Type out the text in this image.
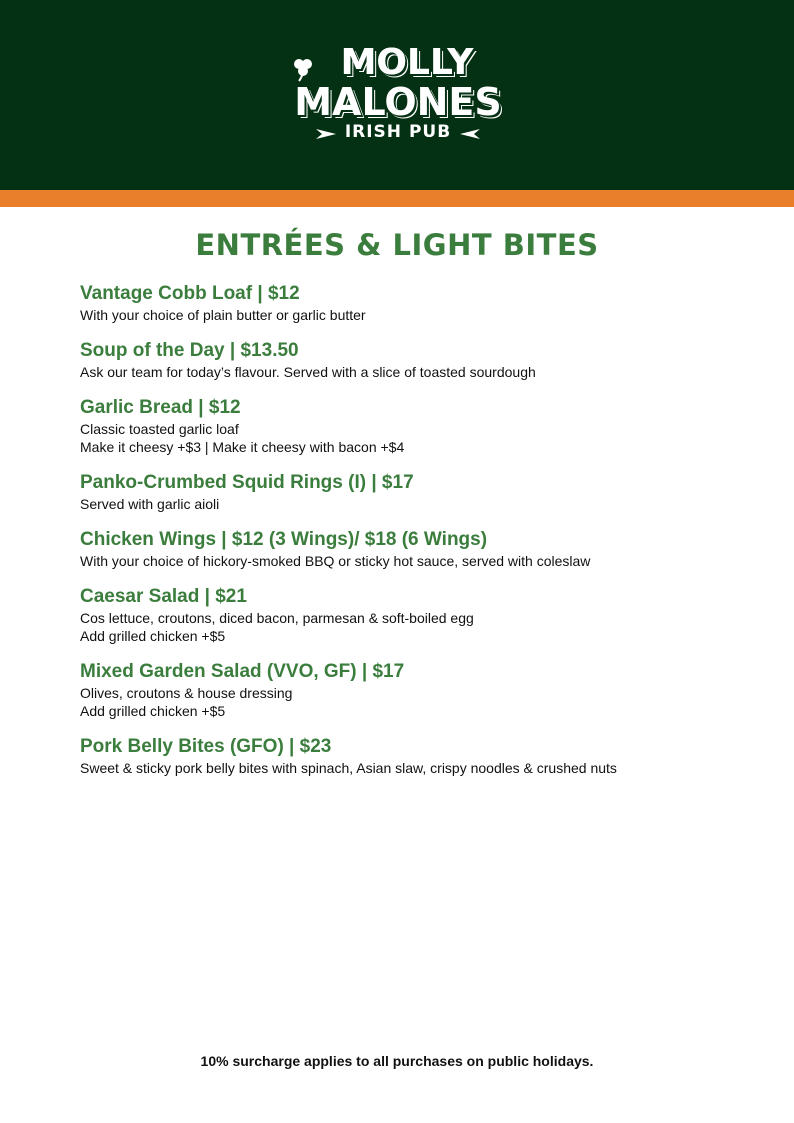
MOLLY
MALONES
IRISH PUB
ENTRÉES & LIGHT BITES
Vantage Cobb Loaf | $12
With your choice of plain butter or garlic butter
Soup of the Day | $13.50
Ask our team for today’s flavour. Served with a slice of toasted sourdough
Garlic Bread | $12
Classic toasted garlic loaf
Make it cheesy +$3 | Make it cheesy with bacon +$4
Panko-Crumbed Squid Rings (I) | $17
Served with garlic aioli
Chicken Wings | $12 (3 Wings)/ $18 (6 Wings)
With your choice of hickory-smoked BBQ or sticky hot sauce, served with coleslaw
Caesar Salad | $21
Cos lettuce, croutons, diced bacon, parmesan & soft-boiled egg
Add grilled chicken +$5
Mixed Garden Salad (VVO, GF) | $17
Olives, croutons & house dressing
Add grilled chicken +$5
Pork Belly Bites (GFO) | $23
Sweet & sticky pork belly bites with spinach, Asian slaw, crispy noodles & crushed nuts
10% surcharge applies to all purchases on public holidays.
